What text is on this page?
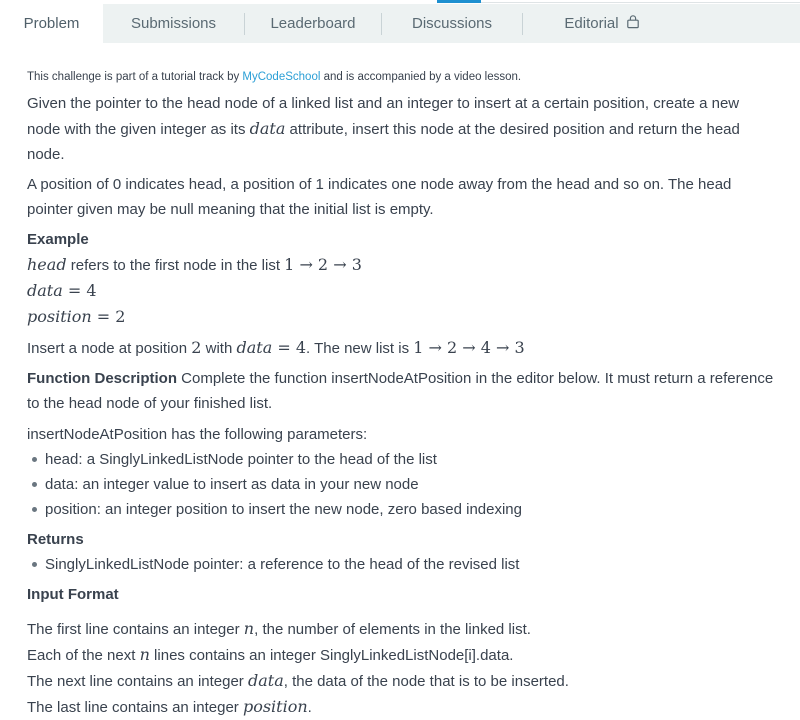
Problem	Submissions	Leaderboard	Discussions	Editorial

This challenge is part of a tutorial track by MyCodeSchool and is accompanied by a video lesson.

Given the pointer to the head node of a linked list and an integer to insert at a certain position, create a new node with the given integer as its data attribute, insert this node at the desired position and return the head node.

A position of 0 indicates head, a position of 1 indicates one node away from the head and so on. The head pointer given may be null meaning that the initial list is empty.

Example
head refers to the first node in the list 1 → 2 → 3
data = 4
position = 2

Insert a node at position 2 with data = 4. The new list is 1 → 2 → 4 → 3

Function Description Complete the function insertNodeAtPosition in the editor below. It must return a reference to the head node of your finished list.

insertNodeAtPosition has the following parameters:

head: a SinglyLinkedListNode pointer to the head of the list
data: an integer value to insert as data in your new node
position: an integer position to insert the new node, zero based indexing
Returns
SinglyLinkedListNode pointer: a reference to the head of the revised list
Input Format

The first line contains an integer n, the number of elements in the linked list.

Each of the next n lines contains an integer SinglyLinkedListNode[i].data.

The next line contains an integer data, the data of the node that is to be inserted.

The last line contains an integer position.
